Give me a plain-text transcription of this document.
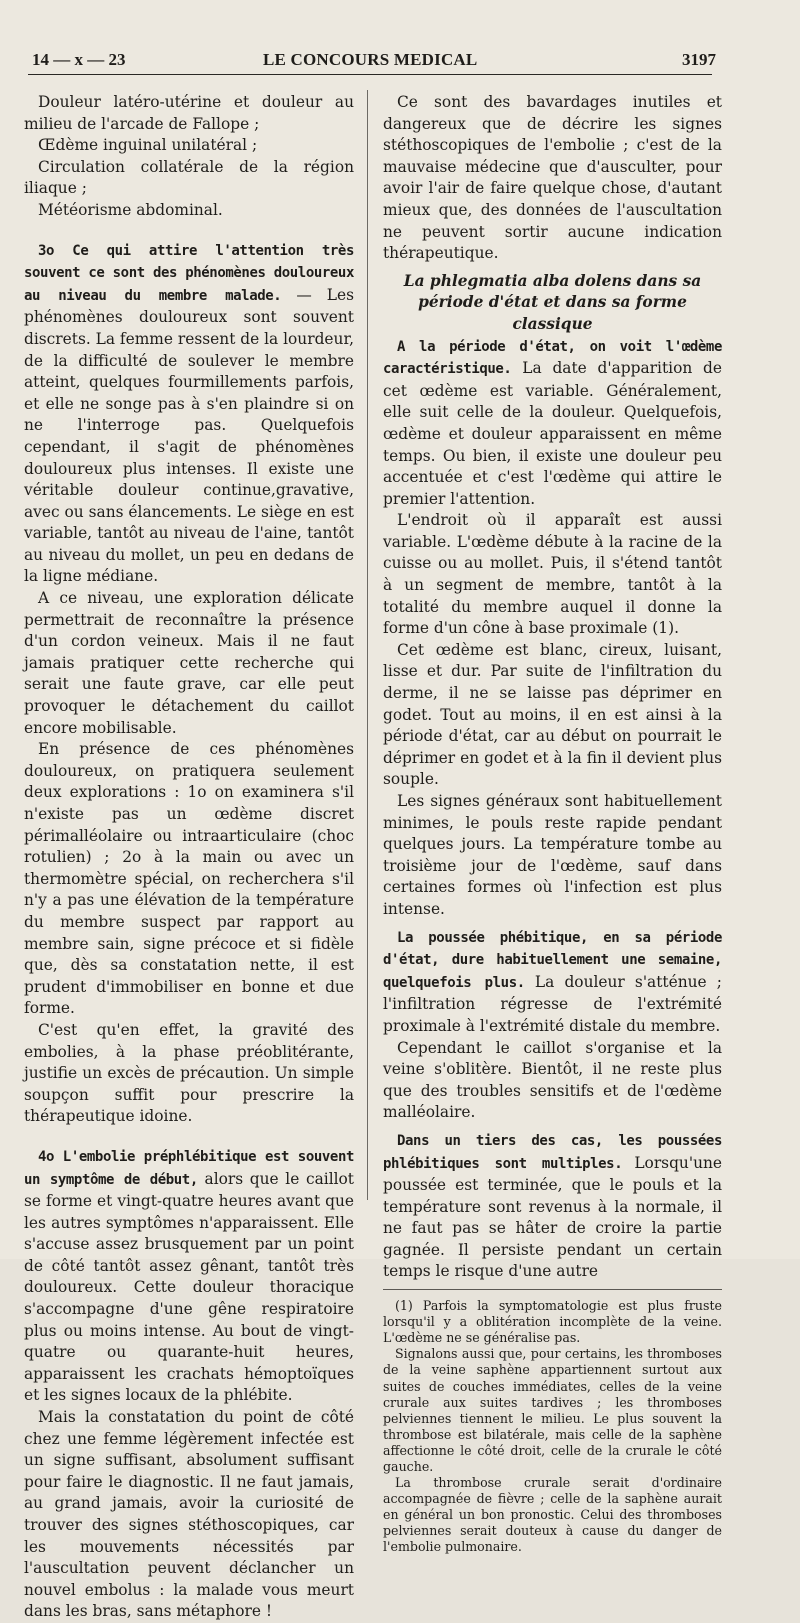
14 — x — 23	LE CONCOURS MEDICAL	3197

Douleur latéro-utérine et douleur au milieu de l'arcade de Fallope ;

Œdème inguinal unilatéral ;

Circulation collatérale de la région iliaque ;

Météorisme abdominal.

3o Ce qui attire l'attention très souvent ce sont des phénomènes douloureux au niveau du membre malade. — Les phénomènes douloureux sont souvent discrets. La femme ressent de la lourdeur, de la difficulté de soulever le membre atteint, quelques fourmillements parfois, et elle ne songe pas à s'en plaindre si on ne l'interroge pas. Quelquefois cependant, il s'agit de phénomènes douloureux plus intenses. Il existe une véritable douleur continue,gravative, avec ou sans élancements. Le siège en est variable, tantôt au niveau de l'aine, tantôt au niveau du mollet, un peu en dedans de la ligne médiane.

A ce niveau, une exploration délicate permettrait de reconnaître la présence d'un cordon veineux. Mais il ne faut jamais pratiquer cette recherche qui serait une faute grave, car elle peut provoquer le détachement du caillot encore mobilisable.

En présence de ces phénomènes douloureux, on pratiquera seulement deux explorations : 1o on examinera s'il n'existe pas un œdème discret périmalléolaire ou intraarticulaire (choc rotulien) ; 2o à la main ou avec un thermomètre spécial, on recherchera s'il n'y a pas une élévation de la température du membre suspect par rapport au membre sain, signe précoce et si fidèle que, dès sa constatation nette, il est prudent d'immobiliser en bonne et due forme.

C'est qu'en effet, la gravité des embolies, à la phase préoblitérante, justifie un excès de précaution. Un simple soupçon suffit pour prescrire la thérapeutique idoine.

4o L'embolie préphlébitique est souvent un symptôme de début, alors que le caillot se forme et vingt-quatre heures avant que les autres symptômes n'apparaissent. Elle s'accuse assez brusquement par un point de côté tantôt assez gênant, tantôt très douloureux. Cette douleur thoracique s'accompagne d'une gêne respiratoire plus ou moins intense. Au bout de vingt-quatre ou quarante-huit heures, apparaissent les crachats hémoptoïques et les signes locaux de la phlébite.

Mais la constatation du point de côté chez une femme légèrement infectée est un signe suffisant, absolument suffisant pour faire le diagnostic. Il ne faut jamais, au grand jamais, avoir la curiosité de trouver des signes stéthoscopiques, car les mouvements nécessités par l'auscultation peuvent déclancher un nouvel embolus : la malade vous meurt dans les bras, sans métaphore !

Ce sont des bavardages inutiles et dangereux que de décrire les signes stéthoscopiques de l'embolie ; c'est de la mauvaise médecine que d'ausculter, pour avoir l'air de faire quelque chose, d'autant mieux que, des données de l'auscultation ne peuvent sortir aucune indication thérapeutique.

La phlegmatia alba dolens dans sa période d'état et dans sa forme classique

A la période d'état, on voit l'œdème caractéristique. La date d'apparition de cet œdème est variable. Généralement, elle suit celle de la douleur. Quelquefois, œdème et douleur apparaissent en même temps. Ou bien, il existe une douleur peu accentuée et c'est l'œdème qui attire le premier l'attention.

L'endroit où il apparaît est aussi variable. L'œdème débute à la racine de la cuisse ou au mollet. Puis, il s'étend tantôt à un segment de membre, tantôt à la totalité du membre auquel il donne la forme d'un cône à base proximale (1).

Cet œdème est blanc, cireux, luisant, lisse et dur. Par suite de l'infiltration du derme, il ne se laisse pas déprimer en godet. Tout au moins, il en est ainsi à la période d'état, car au début on pourrait le déprimer en godet et à la fin il devient plus souple.

Les signes généraux sont habituellement minimes, le pouls reste rapide pendant quelques jours. La température tombe au troisième jour de l'œdème, sauf dans certaines formes où l'infection est plus intense.

La poussée phébitique, en sa période d'état, dure habituellement une semaine, quelquefois plus. La douleur s'atténue ; l'infiltration régresse de l'extrémité proximale à l'extrémité distale du membre.

Cependant le caillot s'organise et la veine s'oblitère. Bientôt, il ne reste plus que des troubles sensitifs et de l'œdème malléolaire.

Dans un tiers des cas, les poussées phlébitiques sont multiples. Lorsqu'une poussée est terminée, que le pouls et la température sont revenus à la normale, il ne faut pas se hâter de croire la partie gagnée. Il persiste pendant un certain temps le risque d'une autre

(1) Parfois la symptomatologie est plus fruste lorsqu'il y a oblitération incomplète de la veine. L'œdème ne se généralise pas.

Signalons aussi que, pour certains, les thromboses de la veine saphène appartiennent surtout aux suites de couches immédiates, celles de la veine crurale aux suites tardives ; les thromboses pelviennes tiennent le milieu. Le plus souvent la thrombose est bilatérale, mais celle de la saphène affectionne le côté droit, celle de la crurale le côté gauche.

La thrombose crurale serait d'ordinaire accompagnée de fièvre ; celle de la saphène aurait en général un bon pronostic. Celui des thromboses pelviennes serait douteux à cause du danger de l'embolie pulmonaire.
